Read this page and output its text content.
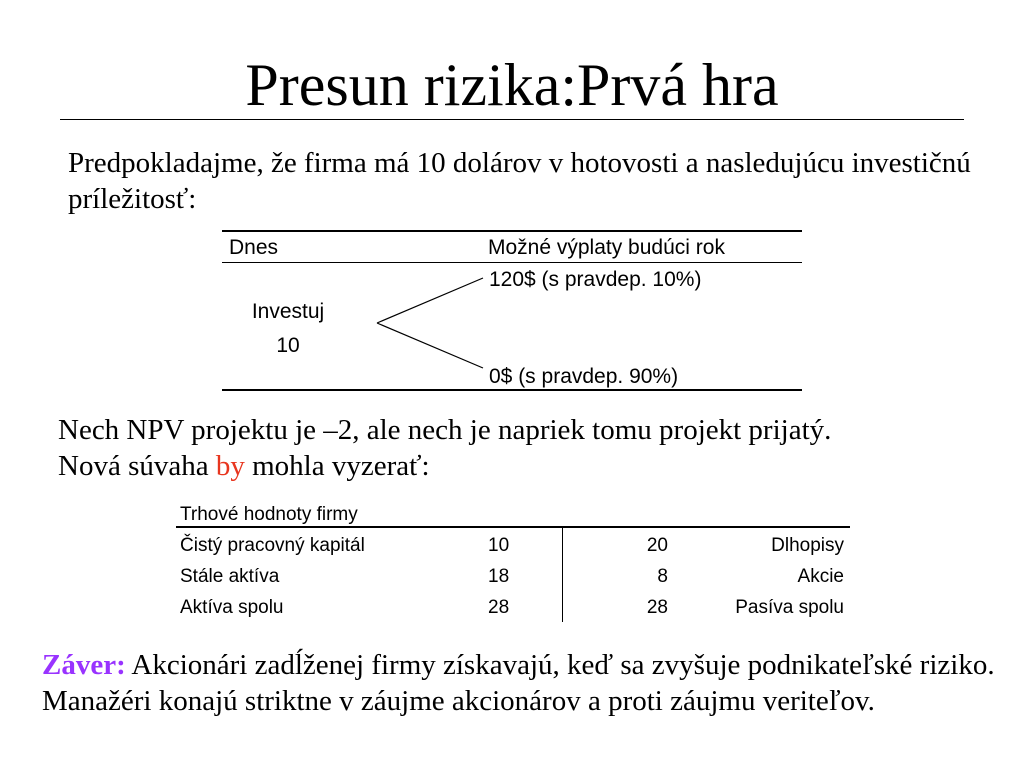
Presun rizika:Prvá hra
Predpokladajme, že firma má 10 dolárov v hotovosti a nasledujúcu investičnú príležitosť:
Dnes	Možné výplaty budúci rok
120$ (s pravdep. 10%)
Investuj
10
0$ (s pravdep. 90%)
Nech NPV projektu je –2, ale nech je napriek tomu projekt prijatý.
Nová súvaha by mohla vyzerať:
Trhové hodnoty firmy
Čistý pracovný kapitál	10	20	Dlhopisy
Stále aktíva	18	8	Akcie
Aktíva spolu	28	28	Pasíva spolu
Záver: Akcionári zadĺženej firmy získavajú, keď sa zvyšuje podnikateľské riziko. Manažéri konajú striktne v záujme akcionárov a proti záujmu veriteľov.
